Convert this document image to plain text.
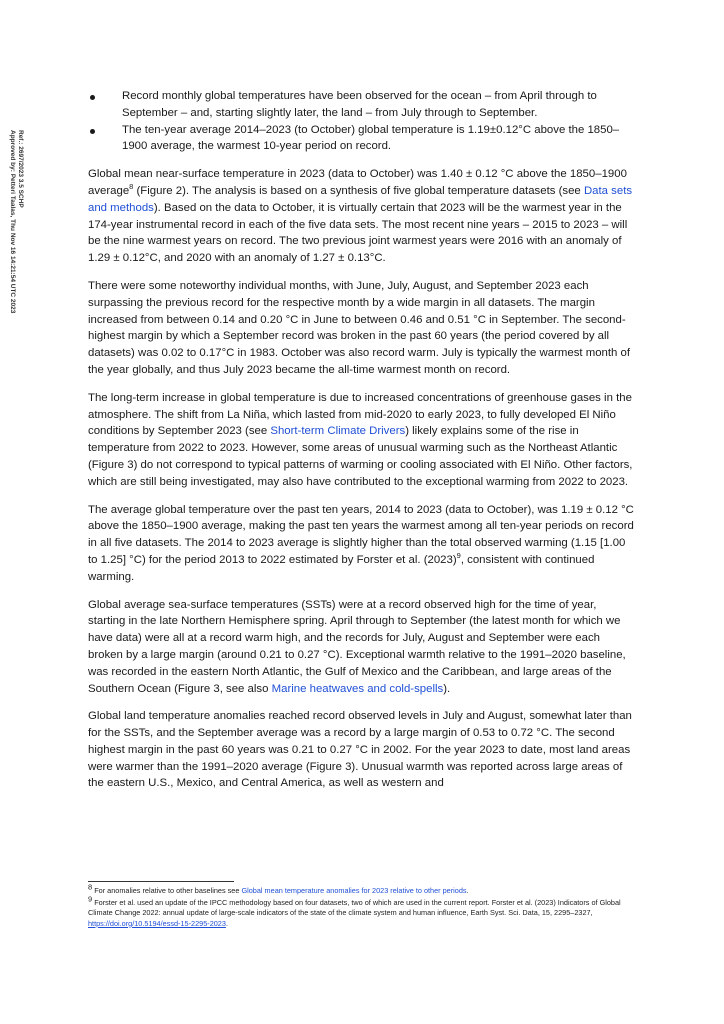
Ref.: 2697/2023 3.5 SCHP
Approved by: Petteri Taalas, Thu Nov 16 14:21:54 UTC 2023
Record monthly global temperatures have been observed for the ocean – from April through to September – and, starting slightly later, the land – from July through to September.
The ten-year average 2014–2023 (to October) global temperature is 1.19±0.12°C above the 1850–1900 average, the warmest 10-year period on record.

Global mean near-surface temperature in 2023 (data to October) was 1.40 ± 0.12 °C above the 1850–1900 average$^8$ (Figure 2). The analysis is based on a synthesis of five global temperature datasets (see Data sets and methods). Based on the data to October, it is virtually certain that 2023 will be the warmest year in the 174-year instrumental record in each of the five data sets. The most recent nine years – 2015 to 2023 – will be the nine warmest years on record. The two previous joint warmest years were 2016 with an anomaly of 1.29 ± 0.12°C, and 2020 with an anomaly of 1.27 ± 0.13°C.

There were some noteworthy individual months, with June, July, August, and September 2023 each surpassing the previous record for the respective month by a wide margin in all datasets. The margin increased from between 0.14 and 0.20 °C in June to between 0.46 and 0.51 °C in September. The second-highest margin by which a September record was broken in the past 60 years (the period covered by all datasets) was 0.02 to 0.17°C in 1983. October was also record warm. July is typically the warmest month of the year globally, and thus July 2023 became the all-time warmest month on record.

The long-term increase in global temperature is due to increased concentrations of greenhouse gases in the atmosphere. The shift from La Niña, which lasted from mid-2020 to early 2023, to fully developed El Niño conditions by September 2023 (see Short-term Climate Drivers) likely explains some of the rise in temperature from 2022 to 2023. However, some areas of unusual warming such as the Northeast Atlantic (Figure 3) do not correspond to typical patterns of warming or cooling associated with El Niño. Other factors, which are still being investigated, may also have contributed to the exceptional warming from 2022 to 2023.

The average global temperature over the past ten years, 2014 to 2023 (data to October), was 1.19 ± 0.12 °C above the 1850–1900 average, making the past ten years the warmest among all ten-year periods on record in all five datasets. The 2014 to 2023 average is slightly higher than the total observed warming (1.15 [1.00 to 1.25] °C) for the period 2013 to 2022 estimated by Forster et al. $(2023)^9$, consistent with continued warming.

Global average sea-surface temperatures (SSTs) were at a record observed high for the time of year, starting in the late Northern Hemisphere spring. April through to September (the latest month for which we have data) were all at a record warm high, and the records for July, August and September were each broken by a large margin (around 0.21 to 0.27 °C). Exceptional warmth relative to the 1991–2020 baseline, was recorded in the eastern North Atlantic, the Gulf of Mexico and the Caribbean, and large areas of the Southern Ocean (Figure 3, see also Marine heatwaves and cold-spells).

Global land temperature anomalies reached record observed levels in July and August, somewhat later than for the SSTs, and the September average was a record by a large margin of 0.53 to 0.72 °C. The second highest margin in the past 60 years was 0.21 to 0.27 °C in 2002. For the year 2023 to date, most land areas were warmer than the 1991–2020 average (Figure 3). Unusual warmth was reported across large areas of the eastern U.S., Mexico, and Central America, as well as western and

$^8$ For anomalies relative to other baselines see Global mean temperature anomalies for 2023 relative to other periods.
$^9$ Forster et al. used an update of the IPCC methodology based on four datasets, two of which are used in the current report. Forster et al. (2023) Indicators of Global Climate Change 2022: annual update of large-scale indicators of the state of the climate system and human influence, Earth Syst. Sci. Data, 15, 2295–2327, https://doi.org/10.5194/essd-15-2295-2023.
